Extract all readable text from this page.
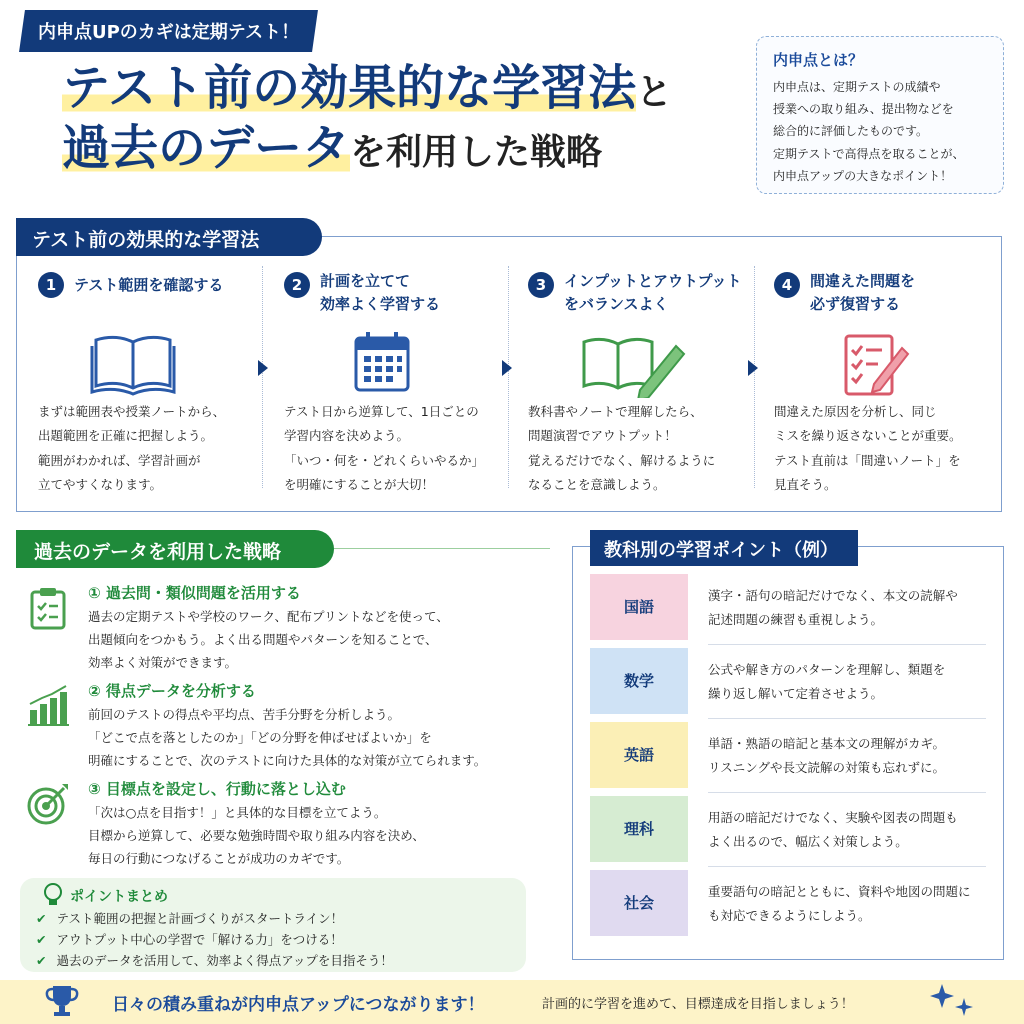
内申点UPのカギは定期テスト！
テスト前の効果的な学習法と
過去のデータを利用した戦略
内申点とは？
内申点は、定期テストの成績や
授業への取り組み、提出物などを
総合的に評価したものです。
定期テストで高得点を取ることが、
内申点アップの大きなポイント！
テスト前の効果的な学習法
1	テスト範囲を確認する
まずは範囲表や授業ノートから、
出題範囲を正確に把握しよう。
範囲がわかれば、学習計画が
立てやすくなります。
2	計画を立てて
効率よく学習する
テスト日から逆算して、1日ごとの
学習内容を決めよう。
「いつ・何を・どれくらいやるか」
を明確にすることが大切！
3	インプットとアウトプット
をバランスよく
教科書やノートで理解したら、
問題演習でアウトプット！
覚えるだけでなく、解けるように
なることを意識しよう。
4	間違えた問題を
必ず復習する
間違えた原因を分析し、同じ
ミスを繰り返さないことが重要。
テスト直前は「間違いノート」を
見直そう。
過去のデータを利用した戦略
① 過去問・類似問題を活用する
過去の定期テストや学校のワーク、配布プリントなどを使って、
出題傾向をつかもう。よく出る問題やパターンを知ることで、
効率よく対策ができます。
② 得点データを分析する
前回のテストの得点や平均点、苦手分野を分析しよう。
「どこで点を落としたのか」「どの分野を伸ばせばよいか」を
明確にすることで、次のテストに向けた具体的な対策が立てられます。
③ 目標点を設定し、行動に落とし込む
「次は○点を目指す！」と具体的な目標を立てよう。
目標から逆算して、必要な勉強時間や取り組み内容を決め、
毎日の行動につなげることが成功のカギです。
ポイントまとめ
✔ テスト範囲の把握と計画づくりがスタートライン！
✔ アウトプット中心の学習で「解ける力」をつける！
✔ 過去のデータを活用して、効率よく得点アップを目指そう！
教科別の学習ポイント（例）
国語
漢字・語句の暗記だけでなく、本文の読解や
記述問題の練習も重視しよう。
数学
公式や解き方のパターンを理解し、類題を
繰り返し解いて定着させよう。
英語
単語・熟語の暗記と基本文の理解がカギ。
リスニングや長文読解の対策も忘れずに。
理科
用語の暗記だけでなく、実験や図表の問題も
よく出るので、幅広く対策しよう。
社会
重要語句の暗記とともに、資料や地図の問題に
も対応できるようにしよう。
日々の積み重ねが内申点アップにつながります！	計画的に学習を進めて、目標達成を目指しましょう！
